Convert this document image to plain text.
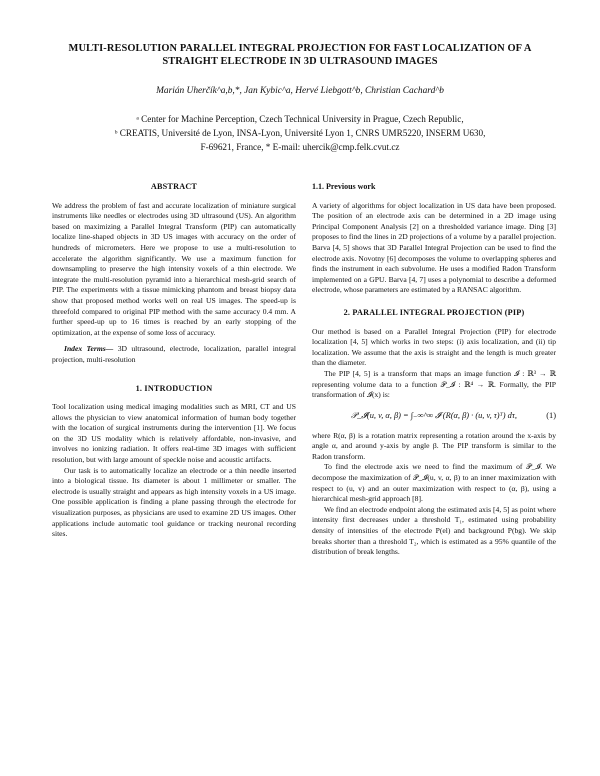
MULTI-RESOLUTION PARALLEL INTEGRAL PROJECTION FOR FAST LOCALIZATION OF A STRAIGHT ELECTRODE IN 3D ULTRASOUND IMAGES
Marián Uherčík^a,b,*, Jan Kybic^a, Hervé Liebgott^b, Christian Cachard^b
ᵃ Center for Machine Perception, Czech Technical University in Prague, Czech Republic,
ᵇ CREATIS, Université de Lyon, INSA-Lyon, Université Lyon 1, CNRS UMR5220, INSERM U630,
F-69621, France, * E-mail: uhercik@cmp.felk.cvut.cz
ABSTRACT

We address the problem of fast and accurate localization of miniature surgical instruments like needles or electrodes using 3D ultrasound (US). An algorithm based on maximizing a Parallel Integral Transform (PIP) can automatically localize line-shaped objects in 3D US images with accuracy on the order of hundreds of micrometers. Here we propose to use a multi-resolution to accelerate the algorithm significantly. We use a maximum function for downsampling to preserve the high intensity voxels of a thin electrode. We integrate the multi-resolution pyramid into a hierarchical mesh-grid search of PIP. The experiments with a tissue mimicking phantom and breast biopsy data show that proposed method works well on real US images. The speed-up is threefold compared to original PIP method with the same accuracy 0.4 mm. A further speed-up up to 16 times is reached by an early stopping of the optimization, at the expense of some loss of accuracy.

Index Terms— 3D ultrasound, electrode, localization, parallel integral projection, multi-resolution

1. INTRODUCTION

Tool localization using medical imaging modalities such as MRI, CT and US allows the physician to view anatomical information of human body together with the location of surgical instruments during the intervention [1]. We focus on the 3D US modality which is relatively affordable, non-invasive, and involves no ionizing radiation. It offers real-time 3D images with sufficient resolution, but with large amount of speckle noise and acoustic artifacts.

Our task is to automatically localize an electrode or a thin needle inserted into a biological tissue. Its diameter is about 1 millimeter or smaller. The electrode is usually straight and appears as high intensity voxels in a US image. One possible application is finding a plane passing through the electrode for visualization purposes, as physicians are used to examine 2D US images. Other applications include automatic tool guidance or tracking neuronal recording sites.

1.1. Previous work

A variety of algorithms for object localization in US data have been proposed. The position of an electrode axis can be determined in a 2D image using Principal Component Analysis [2] on a thresholded variance image. Ding [3] proposes to find the lines in 2D projections of a volume by a parallel projection. Barva [4, 5] shows that 3D Parallel Integral Projection can be used to find the electrode axis. Novotny [6] decomposes the volume to overlapping spheres and finds the instrument in each subvolume. He uses a modified Radon Transform implemented on a GPU. Barva [4, 7] uses a polynomial to describe a deformed electrode, whose parameters are estimated by a RANSAC algorithm.

2. PARALLEL INTEGRAL PROJECTION (PIP)

Our method is based on a Parallel Integral Projection (PIP) for electrode localization [4, 5] which works in two steps: (i) axis localization, and (ii) tip localization. We assume that the axis is straight and the length is much greater than the diameter.

The PIP [4, 5] is a transform that maps an image function 𝓘 : ℝ³ → ℝ representing volume data to a function 𝒫_𝓘 : ℝ⁴ → ℝ. Formally, the PIP transformation of 𝓘(x) is:

𝒫_𝓘(u, v, α, β) = ∫₋∞^∞ 𝓘 (R(α, β) · (u, v, τ)ᵀ) dτ,	(1)

where R(α, β) is a rotation matrix representing a rotation around the x-axis by angle α, and around y-axis by angle β. The PIP transform is similar to the Radon transform.

To find the electrode axis we need to find the maximum of 𝒫_𝓘. We decompose the maximization of 𝒫_𝓘(u, v, α, β) to an inner maximization with respect to (u, v) and an outer maximization with respect to (α, β), using a hierarchical mesh-grid approach [8].

We find an electrode endpoint along the estimated axis [4, 5] as point where intensity first decreases under a threshold T₁, estimated using probability density of intensities of the electrode P(el) and background P(bg). We skip breaks shorter than a threshold T₂, which is estimated as a 95% quantile of the distribution of break lengths.
